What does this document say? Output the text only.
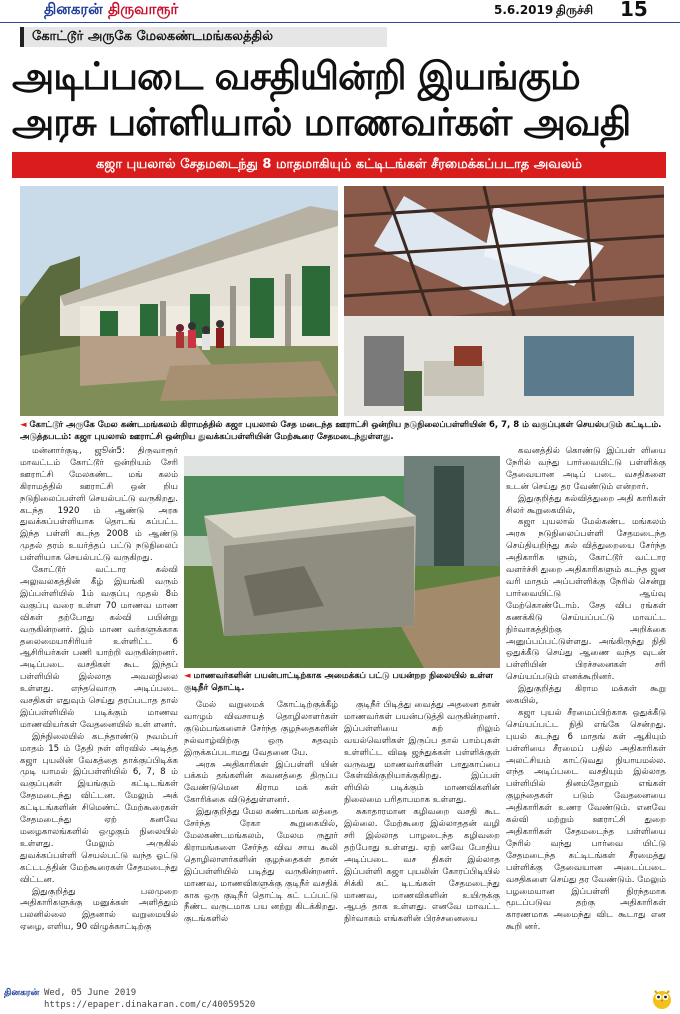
தினகரன் திருவாரூர்	5.6.2019 திருச்சி 15
கோட்டூர் அருகே மேலகண்டமங்கலத்தில்
அடிப்படை வசதியின்றி இயங்கும்
அரசு பள்ளியால் மாணவர்கள் அவதி
கஜா புயலால் சேதமடைந்து 8 மாதமாகியும் கட்டிடங்கள் சீரமைக்கப்படாத அவலம்
◄ கோட்டூர் அருகே மேல கண்டமங்கலம் கிராமத்தில் கஜா புயலால் சேத மடைந்த ஊராட்சி ஒன்றிய நடுநிலைப்பள்ளியின் 6, 7, 8 ம் வகுப்புகள் செயல்படும் கட்டிடம். அடுத்தபடம்: கஜா புயலால் ஊராட்சி ஒன்றிய துவக்கப்பள்ளியின் மேற்கூரை சேதமடைந்துள்ளது.

மன்னார்குடி, ஜூன்5: திருவாரூர் மாவட்டம் கோட்டூர் ஒன்றியம் சேரி ஊராட்சி மேலகண்ட மங் கலம் கிராமத்தில் ஊராட்சி ஒன் றிய நடுநிலைப்பள்ளி செயல்பட்டு வருகிறது. கடந்த 1920 ம் ஆண்டு அரசு துவக்கப்பள்ளியாக தொடங் கப்பட்ட இந்த பள்ளி கடந்த 2008 ம் ஆண்டு முதல் தரம் உயர்த்தப் பட்டு நடுநிலைப் பள்ளியாக செயல்பட்டு வருகிறது.

கோட்டூர் வட்டார கல்வி அலுவலகத்தின் கீழ் இயங்கி வரும் இப்பள்ளியில் 1ம் வகுப்பு முதல் 8ம் வகுப்பு வரை உள்ள 70 மாணவ மாண விகள் தற்போது கல்வி பயின்று வருகின்றனர். இம் மாண வர்களுக்காக தலைமையாசிரியர் உள்ளிட்ட 6 ஆசிரியர்கள் பணி யாற்றி வருகின்றனர். அடிப்படை வசதிகள் கூட இந்தப் பள்ளியில் இல்லாத அவலநிலை உள்ளது. எந்தவொரு அடிப்படை வசதிகள் எதுவும் செய்து தரப்படாத தால் இப்பள்ளியில் படிக்கும் மாணவ மாணவியர்கள் வேதனையில் உள் ளனர்.

இந்நிலையில் கடந்தாண்டு நவம்பர் மாதம் 15 ம் தேதி நள் ளிரவில் அடித்த கஜா புயலின் வேகத்தை தாக்குப்பிடிக்க முடி யாமல் இப்பள்ளியில் 6, 7, 8 ம் வகுப்புகள் இயங்கும் கட்டிடங்கள் சேதமடைந்து விட்டன. மேலும் அக் கட்டிடங்களின் சிமெண்ட் மேற்கூரைகள் சேதமடைந்து ஏற் கனவே மழைகாலங்களில் ஒழுகும் நிலையில் உள்ளது. மேலும் அருகில் துவக்கப்பள்ளி செயல்பட்டு வந்த ஓட்டு கட்டடத்தின் மேற்கூரைகள் சேதமடைந்து விட்டன.

இதுகுறித்து பலமுறை அதிகாரிகளுக்கு மனுக்கள் அளித்தும் பலனில்லை இதனால் வறுமையில் ஏழை, எளிய, 90 விழுக்காட்டிற்கு

◄ மாணவர்களின் பயன்பாட்டிற்காக அமைக்கப் பட்டு பயன்றற நிலையில் உள்ள குடிநீர் தொட்டி.

மேல் வறுமைக் கோட்டிற்குக்கீழ் வாழும் விவசாயத் தொழிலாளர்கள் குடும்பங்களைச் சேர்ந்த குழந்தைகளின் நல்வாழ்விற்கு ஒரு சுதவும் இருக்கப்படாமது வேதனை யே.

அரசு அதிகாரிகள் இப்பள்ளி யின் பக்கம் தங்களின் கவனத்தை திருப்ப வேண்டுமென கிராம மக் கள் கோரிக்கை விடுத்துள்ளனர்.

இதுகுறித்து மேல கண்டமங்க லத்தை சேர்ந்த ரேகா கூறுகையில், மேலகண்டமங்கலம், மேலம ருதூர் கிராமங்களை சேர்ந்த விவ சாய கூலி தொழிலாளர்களின் குழந்தைகள் தான் இப்பள்ளியில் படித்து வருகின்றனர். மாணவ, மாணவிகளுக்கு குடிநீர் வசதிக் காக ஒரு குடிநீர் தொட்டி கட் டப்பட்டு நீண்ட வருடமாக பய னற்று கிடக்கிறது. குடங்களில்

குடிநீர் பிடித்து வைத்து அதனை தான் மாணவர்கள் பயன்படுத்தி வருகின்றனர். இப்பள்ளியை சுற் றிலும் வயல்வெளிகள் இருப்ப தால் பாம்புகள் உள்ளிட்ட விஷ ஜந்துக்கள் பள்ளிக்குள் வருவது மாணவர்களின் பாதுகாப்பை கேள்விக்குறியாக்குகிறது. இப்பள் ளியில் படிக்கும் மாணவிகளின் நிலைமை பரிதாபமாக உள்ளது.

சுகாதாரமான கழிவறை வசதி கூட இல்லை. மேற்கூரை இல்லாததன் வழி சரி இல்லாத பாழடைந்த கழிவறை தற்போது உள்ளது. ஏற் னவே போதிய அடிப்படை வச திகள் இல்லாத இப்பள்ளி கஜா புயலின் கோரப்பிடியில் சிக்கி கட் டிடங்கள் சேதமடைந்து மாணவ, மாணவிகளின் உயிருக்கு ஆபத் தாக உள்ளது. எனவே மாவட்ட நிர்வாகம் எங்களின் பிரச்சனையை

கவனத்தில் கொண்டு இப்பள் ளியை நேரில் வந்து பார்வையிட்டு பள்ளிக்கு தேவையான அடிப் படை வசதிகளை உடன் செய்து தர வேண்டும் என்றார்.

இதுகுறித்து கல்வித்துறை அதி காரிகள் சிலர் கூறுகையில்,

கஜா புயலால் மேல்கண்ட மங்கலம் அரசு நடுநிலைப்பள்ளி சேதமடைந்த செய்தியறிந்து கல் வித்துறையை சேர்ந்த அதிகாரிக ளும், கோட்டூர் வட்டார வளர்ச்சி துறை அதிகாரிகளும் கடந்த ஜன வரி மாதம் அப்பள்ளிக்கு நேரில் சென்று பார்வையிட்டு ஆய்வு மேற்கொண்டோம். சேத விப ரங்கள் கணக்கிடு செய்யப்பட்டு மாவட்ட நிர்வாகத்திற்கு அறிக்கை அனுப்பப்பட்டுள்ளது. அங்கிருந்து நிதி ஒதுக்கீடு செய்து ஆணை வந்த வுடன் பள்ளியின் பிரச்சனைகள் சரி செய்யப்படும் எனக்கூறினர்.

இதுகுறித்து கிராம மக்கள் கூறு கையில்,

கஜா புயல் சீரமைப்பிற்காக ஒதுக்கீடு செய்யப்பட்ட நிதி எங்கே சென்றது. புயல் கடந்து 6 மாதங் கள் ஆகியும் பள்ளியை சீரமைப் பதில் அதிகாரிகள் அலட்சியம் காட்டுவது நியாயமல்ல. எந்த அடிப்படை வசதியும் இல்லாத பள்ளியில் தினம்தோறும் எங்கள் குழந்தைகள் படும் வேதனையை அதிகாரிகள் உணர வேண்டும். எனவே கல்வி மற்றும் ஊராட்சி துறை அதிகாரிகள் சேதமடைந்த பள்ளியை நேரில் வந்து பார்வை யிட்டு சேதமடைந்த கட்டிடங்கள் சீரமைத்து பள்ளிக்கு தேவையான அடைப்படை வசதிகளை செய்து தர வேண்டும். மேலும் பழமையான இப்பள்ளி நிரந்தமாக மூடப்படுவ தற்கு அதிகாரிகள் காரணமாக அமைந்து விட கூடாது என கூறி னர்.

தினகரன் Wed, 05 June 2019
https://epaper.dinakaran.com/c/40059520
